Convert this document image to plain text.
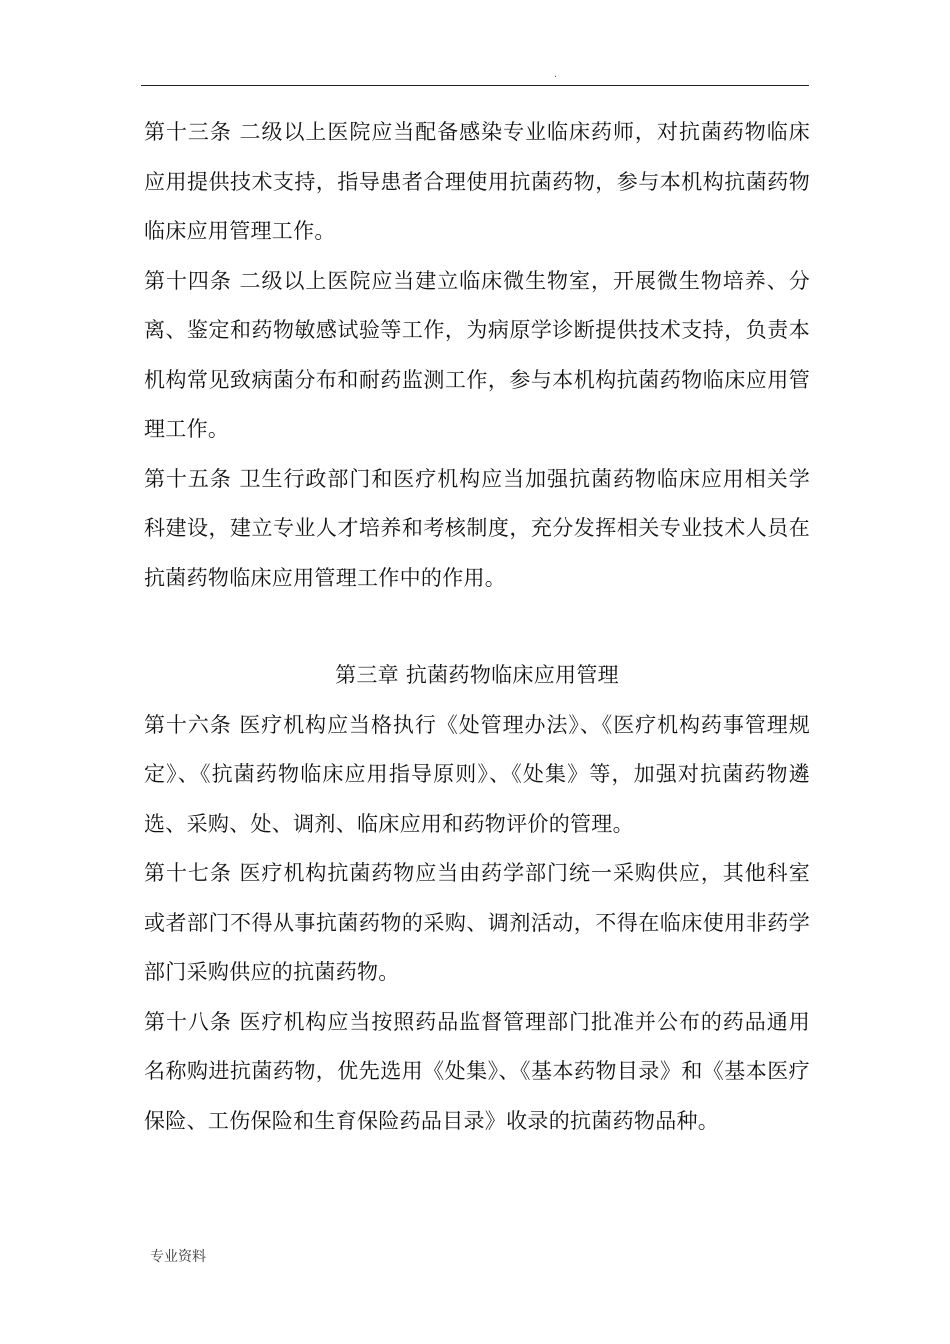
.

第十三条 二级以上医院应当配备感染专业临床药师，对抗菌药物临床应用提供技术支持，指导患者合理使用抗菌药物，参与本机构抗菌药物临床应用管理工作。

第十四条 二级以上医院应当建立临床微生物室，开展微生物培养、分离、鉴定和药物敏感试验等工作，为病原学诊断提供技术支持，负责本机构常见致病菌分布和耐药监测工作，参与本机构抗菌药物临床应用管理工作。

第十五条 卫生行政部门和医疗机构应当加强抗菌药物临床应用相关学科建设，建立专业人才培养和考核制度，充分发挥相关专业技术人员在抗菌药物临床应用管理工作中的作用。

第三章 抗菌药物临床应用管理

第十六条 医疗机构应当格执行《处管理办法》、《医疗机构药事管理规定》、《抗菌药物临床应用指导原则》、《处集》等，加强对抗菌药物遴选、采购、处、调剂、临床应用和药物评价的管理。

第十七条 医疗机构抗菌药物应当由药学部门统一采购供应，其他科室或者部门不得从事抗菌药物的采购、调剂活动，不得在临床使用非药学部门采购供应的抗菌药物。

第十八条 医疗机构应当按照药品监督管理部门批准并公布的药品通用名称购进抗菌药物，优先选用《处集》、《基本药物目录》和《基本医疗保险、工伤保险和生育保险药品目录》收录的抗菌药物品种。

专业资料
